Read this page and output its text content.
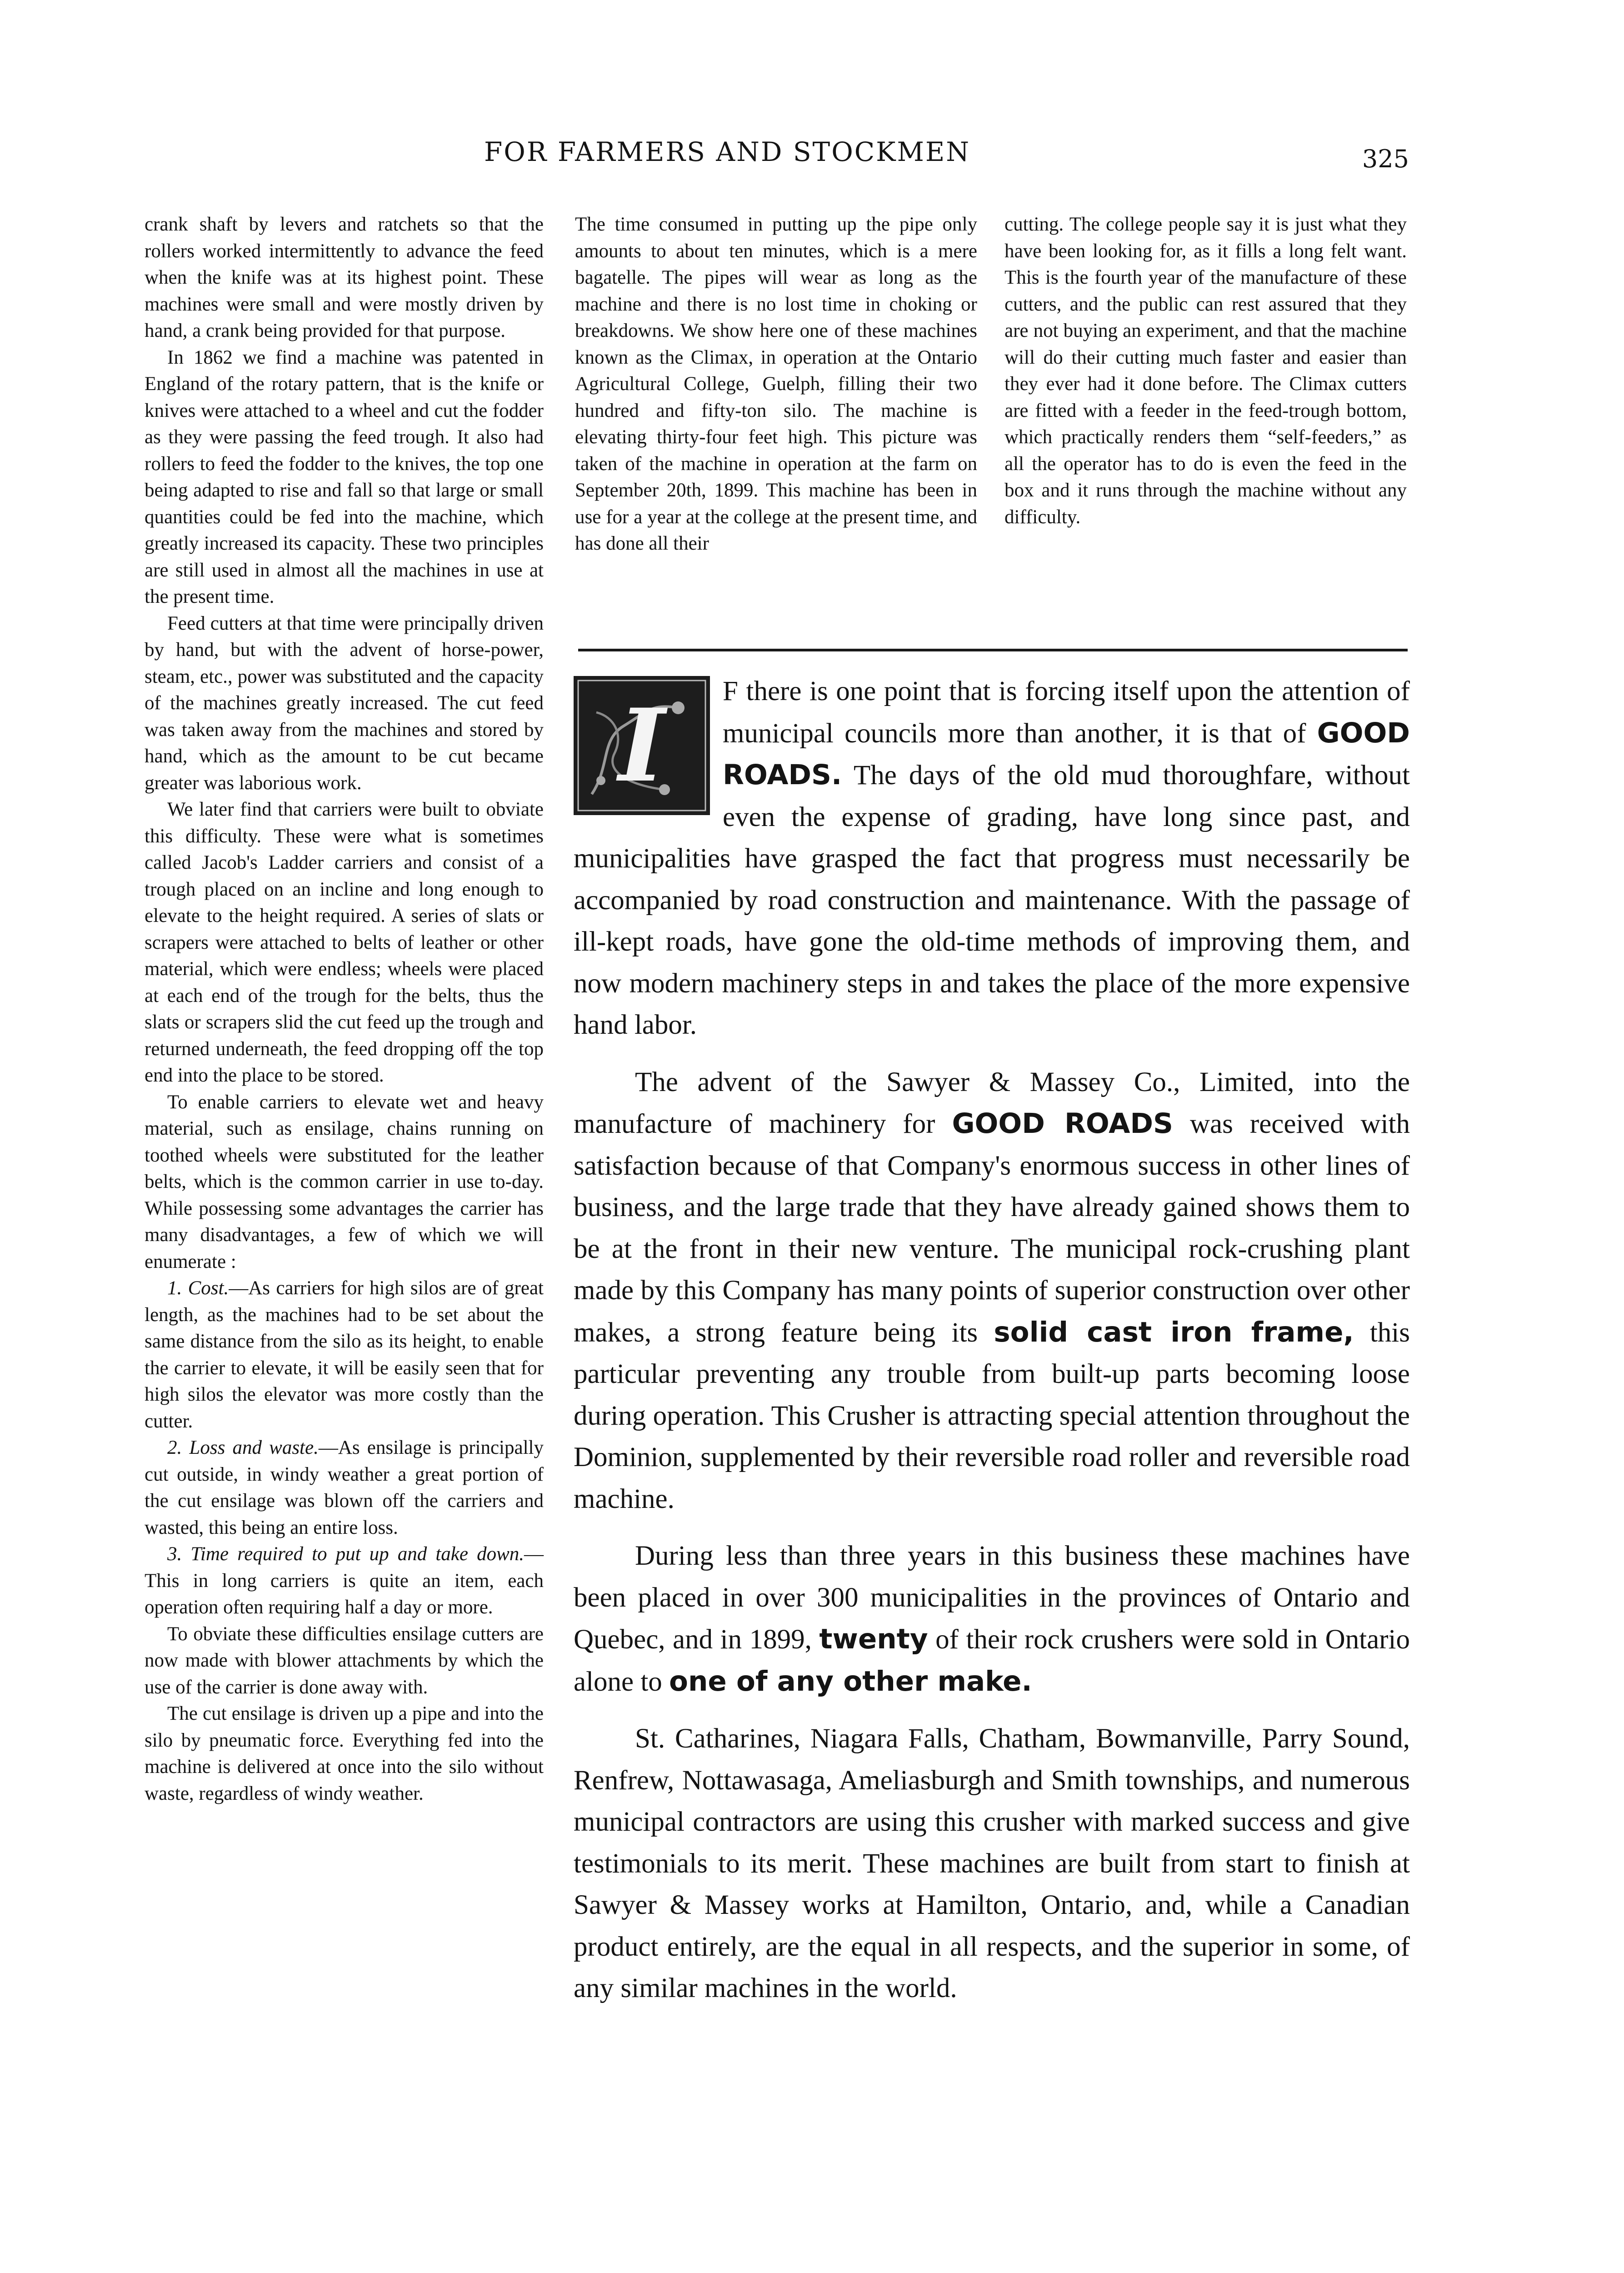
FOR FARMERS AND STOCKMEN	325

crank shaft by levers and ratchets so that the rollers worked intermittently to advance the feed when the knife was at its highest point. These machines were small and were mostly driven by hand, a crank being provided for that purpose.

In 1862 we find a machine was patented in England of the rotary pattern, that is the knife or knives were attached to a wheel and cut the fodder as they were passing the feed trough. It also had rollers to feed the fodder to the knives, the top one being adapted to rise and fall so that large or small quantities could be fed into the machine, which greatly increased its capacity. These two principles are still used in almost all the machines in use at the present time.

Feed cutters at that time were principally driven by hand, but with the advent of horse-power, steam, etc., power was substituted and the capacity of the machines greatly increased. The cut feed was taken away from the machines and stored by hand, which as the amount to be cut became greater was laborious work.

We later find that carriers were built to obviate this difficulty. These were what is sometimes called Jacob's Ladder carriers and consist of a trough placed on an incline and long enough to elevate to the height required. A series of slats or scrapers were attached to belts of leather or other material, which were endless; wheels were placed at each end of the trough for the belts, thus the slats or scrapers slid the cut feed up the trough and returned underneath, the feed dropping off the top end into the place to be stored.

To enable carriers to elevate wet and heavy material, such as ensilage, chains running on toothed wheels were substituted for the leather belts, which is the common carrier in use to-day. While possessing some advantages the carrier has many disadvantages, a few of which we will enumerate :

1. Cost.—As carriers for high silos are of great length, as the machines had to be set about the same distance from the silo as its height, to enable the carrier to elevate, it will be easily seen that for high silos the elevator was more costly than the cutter.

2. Loss and waste.—As ensilage is principally cut outside, in windy weather a great portion of the cut ensilage was blown off the carriers and wasted, this being an entire loss.

3. Time required to put up and take down.—This in long carriers is quite an item, each operation often requiring half a day or more.

To obviate these difficulties ensilage cutters are now made with blower attachments by which the use of the carrier is done away with.

The cut ensilage is driven up a pipe and into the silo by pneumatic force. Everything fed into the machine is delivered at once into the silo without waste, regardless of windy weather.

The time consumed in putting up the pipe only amounts to about ten minutes, which is a mere bagatelle. The pipes will wear as long as the machine and there is no lost time in choking or breakdowns. We show here one of these machines known as the Climax, in operation at the Ontario Agricultural College, Guelph, filling their two hundred and fifty-ton silo. The machine is elevating thirty-four feet high. This picture was taken of the machine in operation at the farm on September 20th, 1899. This machine has been in use for a year at the college at the present time, and has done all their

cutting. The college people say it is just what they have been looking for, as it fills a long felt want. This is the fourth year of the manufacture of these cutters, and the public can rest assured that they are not buying an experiment, and that the machine will do their cutting much faster and easier than they ever had it done before. The Climax cutters are fitted with a feeder in the feed-trough bottom, which practically renders them “self-feeders,” as all the operator has to do is even the feed in the box and it runs through the machine without any difficulty.

I	F there is one point that is forcing itself upon the attention of municipal councils more than another, it is that of GOOD ROADS. The days of the old mud thoroughfare, without even the expense of grading, have long since past, and municipalities have grasped the fact that progress must necessarily be accompanied by road construction and maintenance. With the passage of ill-kept roads, have gone the old-time methods of improving them, and now modern machinery steps in and takes the place of the more expensive hand labor.

The advent of the Sawyer & Massey Co., Limited, into the manufacture of machinery for GOOD ROADS was received with satisfaction because of that Company's enormous success in other lines of business, and the large trade that they have already gained shows them to be at the front in their new venture. The municipal rock-crushing plant made by this Company has many points of superior construction over other makes, a strong feature being its solid cast iron frame, this particular preventing any trouble from built-up parts becoming loose during operation. This Crusher is attracting special attention throughout the Dominion, supplemented by their reversible road roller and reversible road machine.

During less than three years in this business these machines have been placed in over 300 municipalities in the provinces of Ontario and Quebec, and in 1899, twenty of their rock crushers were sold in Ontario alone to one of any other make.

St. Catharines, Niagara Falls, Chatham, Bowmanville, Parry Sound, Renfrew, Nottawasaga, Ameliasburgh and Smith townships, and numerous municipal contractors are using this crusher with marked success and give testimonials to its merit. These machines are built from start to finish at Sawyer & Massey works at Hamilton, Ontario, and, while a Canadian product entirely, are the equal in all respects, and the superior in some, of any similar machines in the world.
